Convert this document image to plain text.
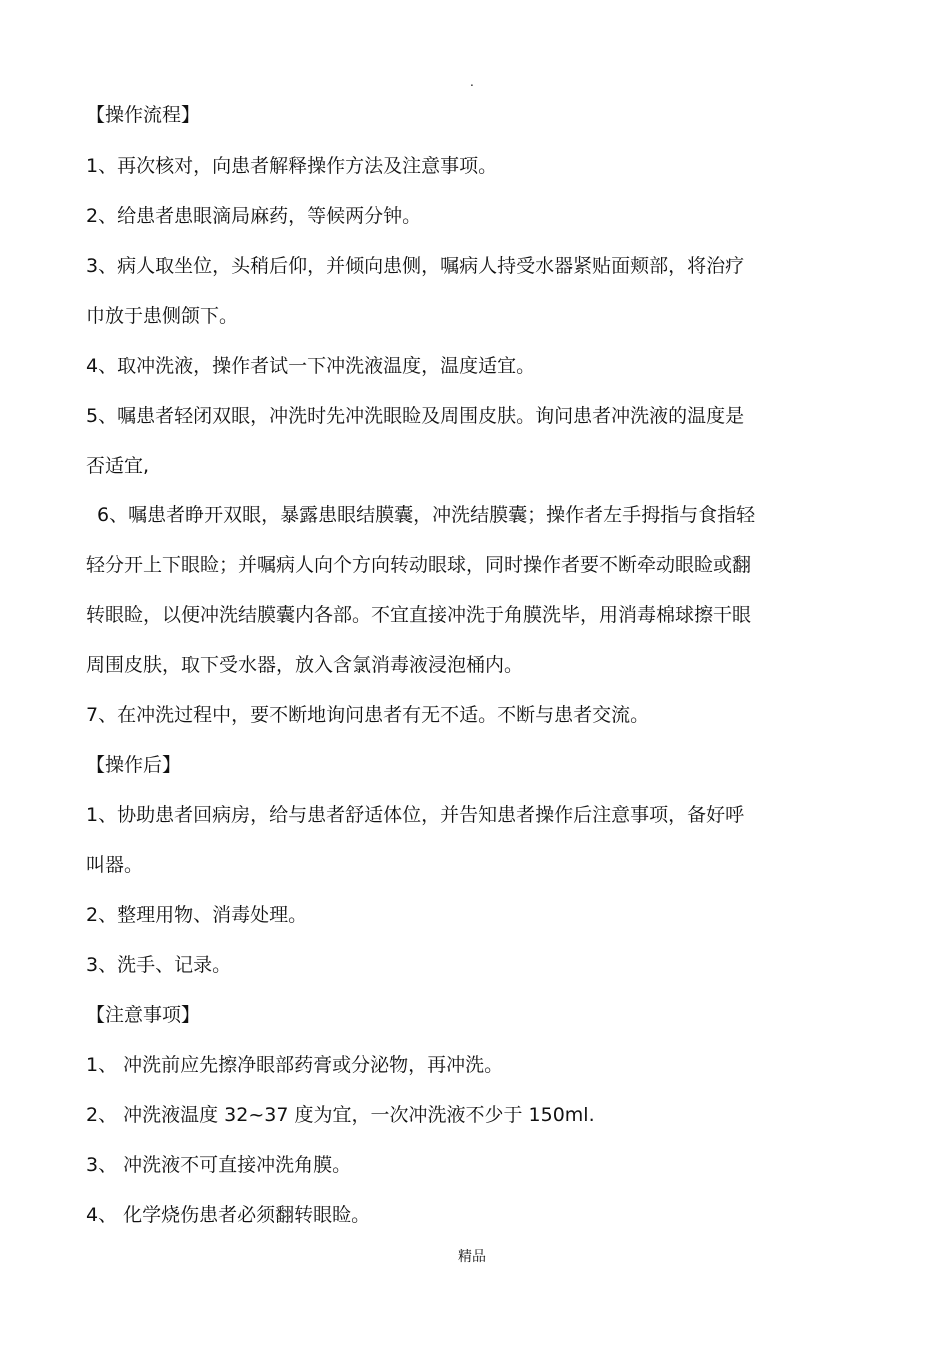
.
【操作流程】
1、再次核对，向患者解释操作方法及注意事项。
2、给患者患眼滴局麻药，等候两分钟。
3、病人取坐位，头稍后仰，并倾向患侧，嘱病人持受水器紧贴面颊部，将治疗
巾放于患侧颌下。
4、取冲洗液，操作者试一下冲洗液温度，温度适宜。
5、嘱患者轻闭双眼，冲洗时先冲洗眼睑及周围皮肤。询问患者冲洗液的温度是
否适宜,
6、嘱患者睁开双眼，暴露患眼结膜囊，冲洗结膜囊；操作者左手拇指与食指轻
轻分开上下眼睑；并嘱病人向个方向转动眼球，同时操作者要不断牵动眼睑或翻
转眼睑，以便冲洗结膜囊内各部。不宜直接冲洗于角膜洗毕，用消毒棉球擦干眼
周围皮肤，取下受水器，放入含氯消毒液浸泡桶内。
7、在冲洗过程中，要不断地询问患者有无不适。不断与患者交流。
【操作后】
1、协助患者回病房，给与患者舒适体位，并告知患者操作后注意事项，备好呼
叫器。
2、整理用物、消毒处理。
3、洗手、记录。
【注意事项】
1、 冲洗前应先擦净眼部药膏或分泌物，再冲洗。
2、 冲洗液温度 32~37 度为宜，一次冲洗液不少于 150ml.
3、 冲洗液不可直接冲洗角膜。
4、 化学烧伤患者必须翻转眼睑。
精品
